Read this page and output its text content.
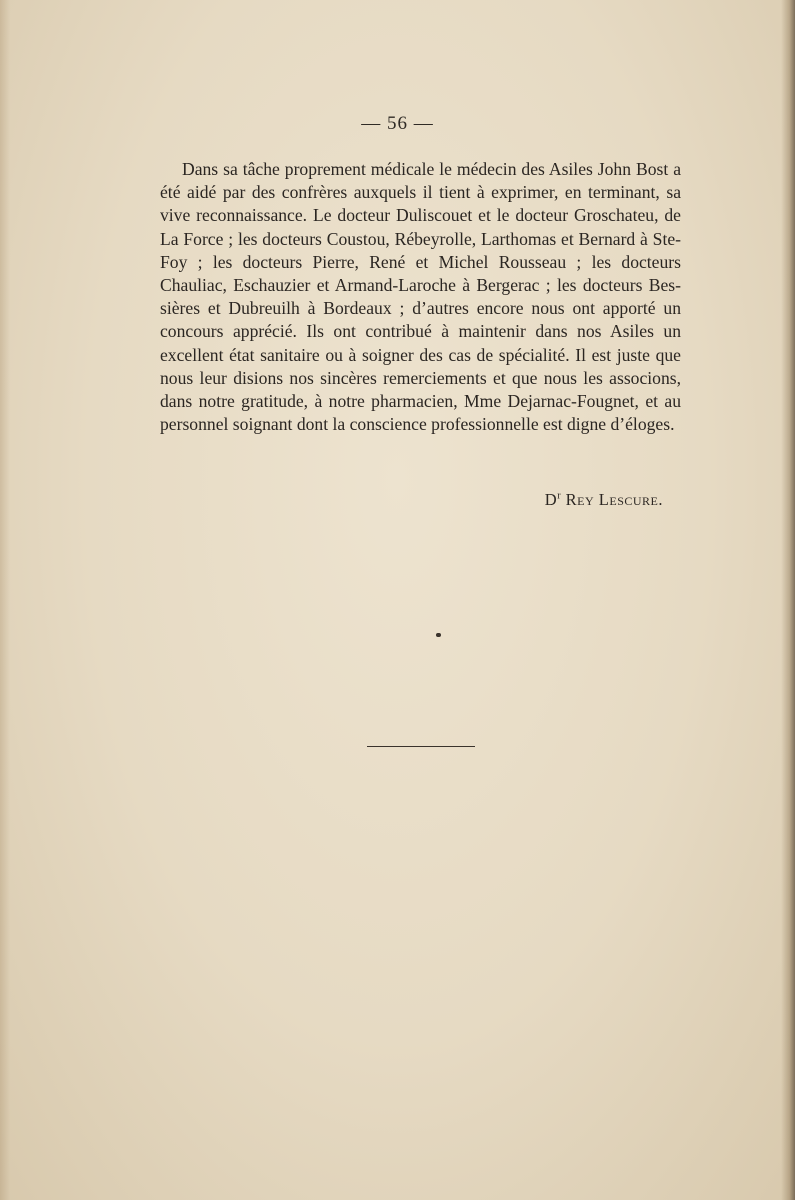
— 56 —

Dans sa tâche proprement médicale le médecin des Asiles John Bost a été aidé par des confrères auxquels il tient à exprimer, en terminant, sa vive reconnaissance. Le docteur Duliscouet et le docteur Groschateu, de La Force ; les docteurs Coustou, Rébeyrolle, Larthomas et Bernard à Ste-Foy ; les docteurs Pierre, René et Michel Rousseau ; les docteurs Chauliac, Eschauzier et Armand-Laroche à Bergerac ; les docteurs Bessières et Dubreuilh à Bordeaux ; d’autres encore nous ont apporté un concours apprécié. Ils ont contribué à maintenir dans nos Asiles un excellent état sanitaire ou à soigner des cas de spécialité. Il est juste que nous leur disions nos sincères remerciements et que nous les associons, dans notre gratitude, à notre pharmacien, Mme Dejarnac-Fougnet, et au personnel soignant dont la conscience professionnelle est digne d’éloges.

$D^r$ Rey Lescure.
